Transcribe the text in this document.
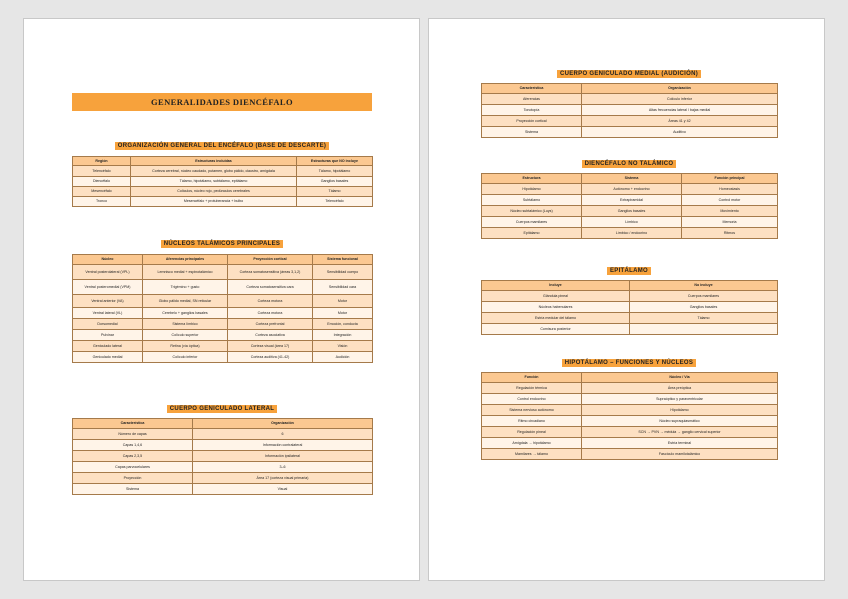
GENERALIDADES DIENCÉFALO
ORGANIZACIÓN GENERAL DEL ENCÉFALO (BASE DE DESCARTE)
Región	Estructuras incluidas	Estructuras que NO incluye
Telencéfalo	Corteza cerebral, núcleo caudado, putamen, globo pálido, claustro, amígdala	Tálamo, hipotálamo
Diencéfalo	Tálamo, hipotálamo, subtálamo, epitálamo	Ganglios basales
Mesencéfalo	Colículos, núcleo rojo, pedúnculos cerebrales	Tálamo
Tronco	Mesencéfalo + protuberancia + bulbo	Telencéfalo
NÚCLEOS TALÁMICOS PRINCIPALES
Núcleo	Aferencias principales	Proyección cortical	Sistema funcional
Ventral posterolateral (VPL)	Lemnisco medial + espinotalámico	Corteza somatosensitiva (áreas 3,1,2)	Sensibilidad cuerpo
Ventral posteromedial (VPM)	Trigémino + gusto	Corteza somatosensitiva cara	Sensibilidad cara
Ventral anterior (VA)	Globo pálido medial, SN reticular	Corteza motora	Motor
Ventral lateral (VL)	Cerebelo + ganglios basales	Corteza motora	Motor
Dorsomedial	Sistema límbico	Corteza prefrontal	Emoción, conducta
Pulvinar	Colículo superior	Corteza asociativa	Integración
Geniculado lateral	Retina (vía óptica)	Corteza visual (área 17)	Visión
Geniculado medial	Colículo inferior	Corteza auditiva (41-42)	Audición
CUERPO GENICULADO LATERAL
Característica	Organización
Número de capas	6
Capas 1,4,6	Información contralateral
Capas 2,3,5	Información ipsilateral
Capas parvocelulares	3–6
Proyección	Área 17 (corteza visual primaria)
Sistema	Visual
CUERPO GENICULADO MEDIAL (AUDICIÓN)
Característica	Organización
Aferencias	Colículo inferior
Tonotopía	Altas frecuencias lateral / bajas medial
Proyección cortical	Áreas 41 y 42
Sistema	Auditivo
DIENCÉFALO NO TALÁMICO
Estructura	Sistema	Función principal
Hipotálamo	Autónomo + endocrino	Homeostasis
Subtálamo	Extrapiramidal	Control motor
Núcleo subtalámico (Luys)	Ganglios basales	Movimiento
Cuerpos mamilares	Límbico	Memoria
Epitálamo	Límbico / endocrino	Ritmos
EPITÁLAMO
Incluye	No incluye
Glándula pineal	Cuerpos mamilares
Núcleos habenulares	Ganglios basales
Estría medular del tálamo	Tálamo
Comisura posterior	
HIPOTÁLAMO – FUNCIONES Y NÚCLEOS
Función	Núcleo / Vía
Regulación térmica	Área preóptica
Control endocrino	Supraóptico y paraventricular
Sistema nervioso autónomo	Hipotálamo
Ritmo circadiano	Núcleo supraquiasmático
Regulación pineal	SCN → PVN → médula → ganglio cervical superior
Amígdala → hipotálamo	Estría terminal
Mamilares → tálamo	Fascículo mamilotalámico
